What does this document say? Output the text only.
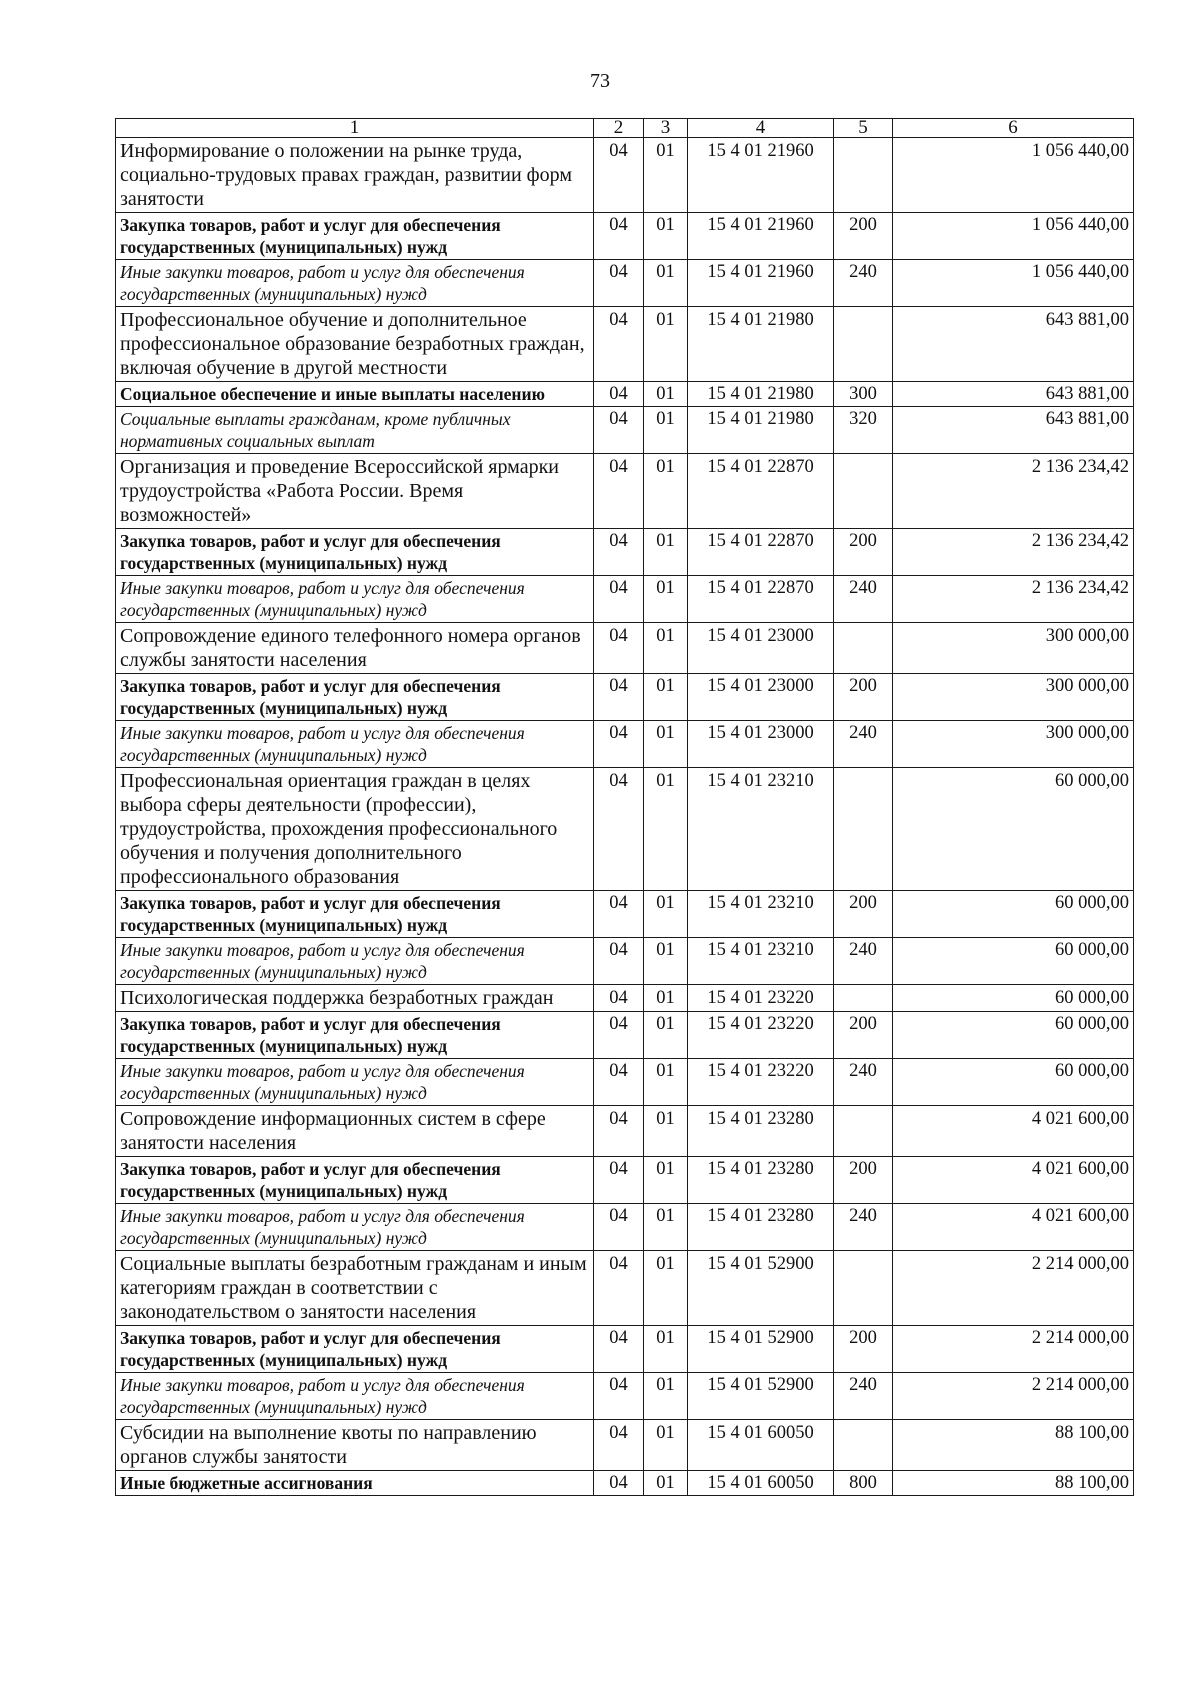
73
1	2	3	4	5	6
Информирование о положении на рынке труда, социально-трудовых правах граждан, развитии форм занятости	04	01	15 4 01 21960		1 056 440,00
Закупка товаров, работ и услуг для обеспечения государственных (муниципальных) нужд	04	01	15 4 01 21960	200	1 056 440,00
Иные закупки товаров, работ и услуг для обеспечения государственных (муниципальных) нужд	04	01	15 4 01 21960	240	1 056 440,00
Профессиональное обучение и дополнительное профессиональное образование безработных граждан, включая обучение в другой местности	04	01	15 4 01 21980		643 881,00
Социальное обеспечение и иные выплаты населению	04	01	15 4 01 21980	300	643 881,00
Социальные выплаты гражданам, кроме публичных нормативных социальных выплат	04	01	15 4 01 21980	320	643 881,00
Организация и проведение Всероссийской ярмарки трудоустройства «Работа России. Время возможностей»	04	01	15 4 01 22870		2 136 234,42
Закупка товаров, работ и услуг для обеспечения государственных (муниципальных) нужд	04	01	15 4 01 22870	200	2 136 234,42
Иные закупки товаров, работ и услуг для обеспечения государственных (муниципальных) нужд	04	01	15 4 01 22870	240	2 136 234,42
Сопровождение единого телефонного номера органов службы занятости населения	04	01	15 4 01 23000		300 000,00
Закупка товаров, работ и услуг для обеспечения государственных (муниципальных) нужд	04	01	15 4 01 23000	200	300 000,00
Иные закупки товаров, работ и услуг для обеспечения государственных (муниципальных) нужд	04	01	15 4 01 23000	240	300 000,00
Профессиональная ориентация граждан в целях выбора сферы деятельности (профессии), трудоустройства, прохождения профессионального обучения и получения дополнительного профессионального образования	04	01	15 4 01 23210		60 000,00
Закупка товаров, работ и услуг для обеспечения государственных (муниципальных) нужд	04	01	15 4 01 23210	200	60 000,00
Иные закупки товаров, работ и услуг для обеспечения государственных (муниципальных) нужд	04	01	15 4 01 23210	240	60 000,00
Психологическая поддержка безработных граждан	04	01	15 4 01 23220		60 000,00
Закупка товаров, работ и услуг для обеспечения государственных (муниципальных) нужд	04	01	15 4 01 23220	200	60 000,00
Иные закупки товаров, работ и услуг для обеспечения государственных (муниципальных) нужд	04	01	15 4 01 23220	240	60 000,00
Сопровождение информационных систем в сфере занятости населения	04	01	15 4 01 23280		4 021 600,00
Закупка товаров, работ и услуг для обеспечения государственных (муниципальных) нужд	04	01	15 4 01 23280	200	4 021 600,00
Иные закупки товаров, работ и услуг для обеспечения государственных (муниципальных) нужд	04	01	15 4 01 23280	240	4 021 600,00
Социальные выплаты безработным гражданам и иным категориям граждан в соответствии с законодательством о занятости населения	04	01	15 4 01 52900		2 214 000,00
Закупка товаров, работ и услуг для обеспечения государственных (муниципальных) нужд	04	01	15 4 01 52900	200	2 214 000,00
Иные закупки товаров, работ и услуг для обеспечения государственных (муниципальных) нужд	04	01	15 4 01 52900	240	2 214 000,00
Субсидии на выполнение квоты по направлению органов службы занятости	04	01	15 4 01 60050		88 100,00
Иные бюджетные ассигнования	04	01	15 4 01 60050	800	88 100,00
